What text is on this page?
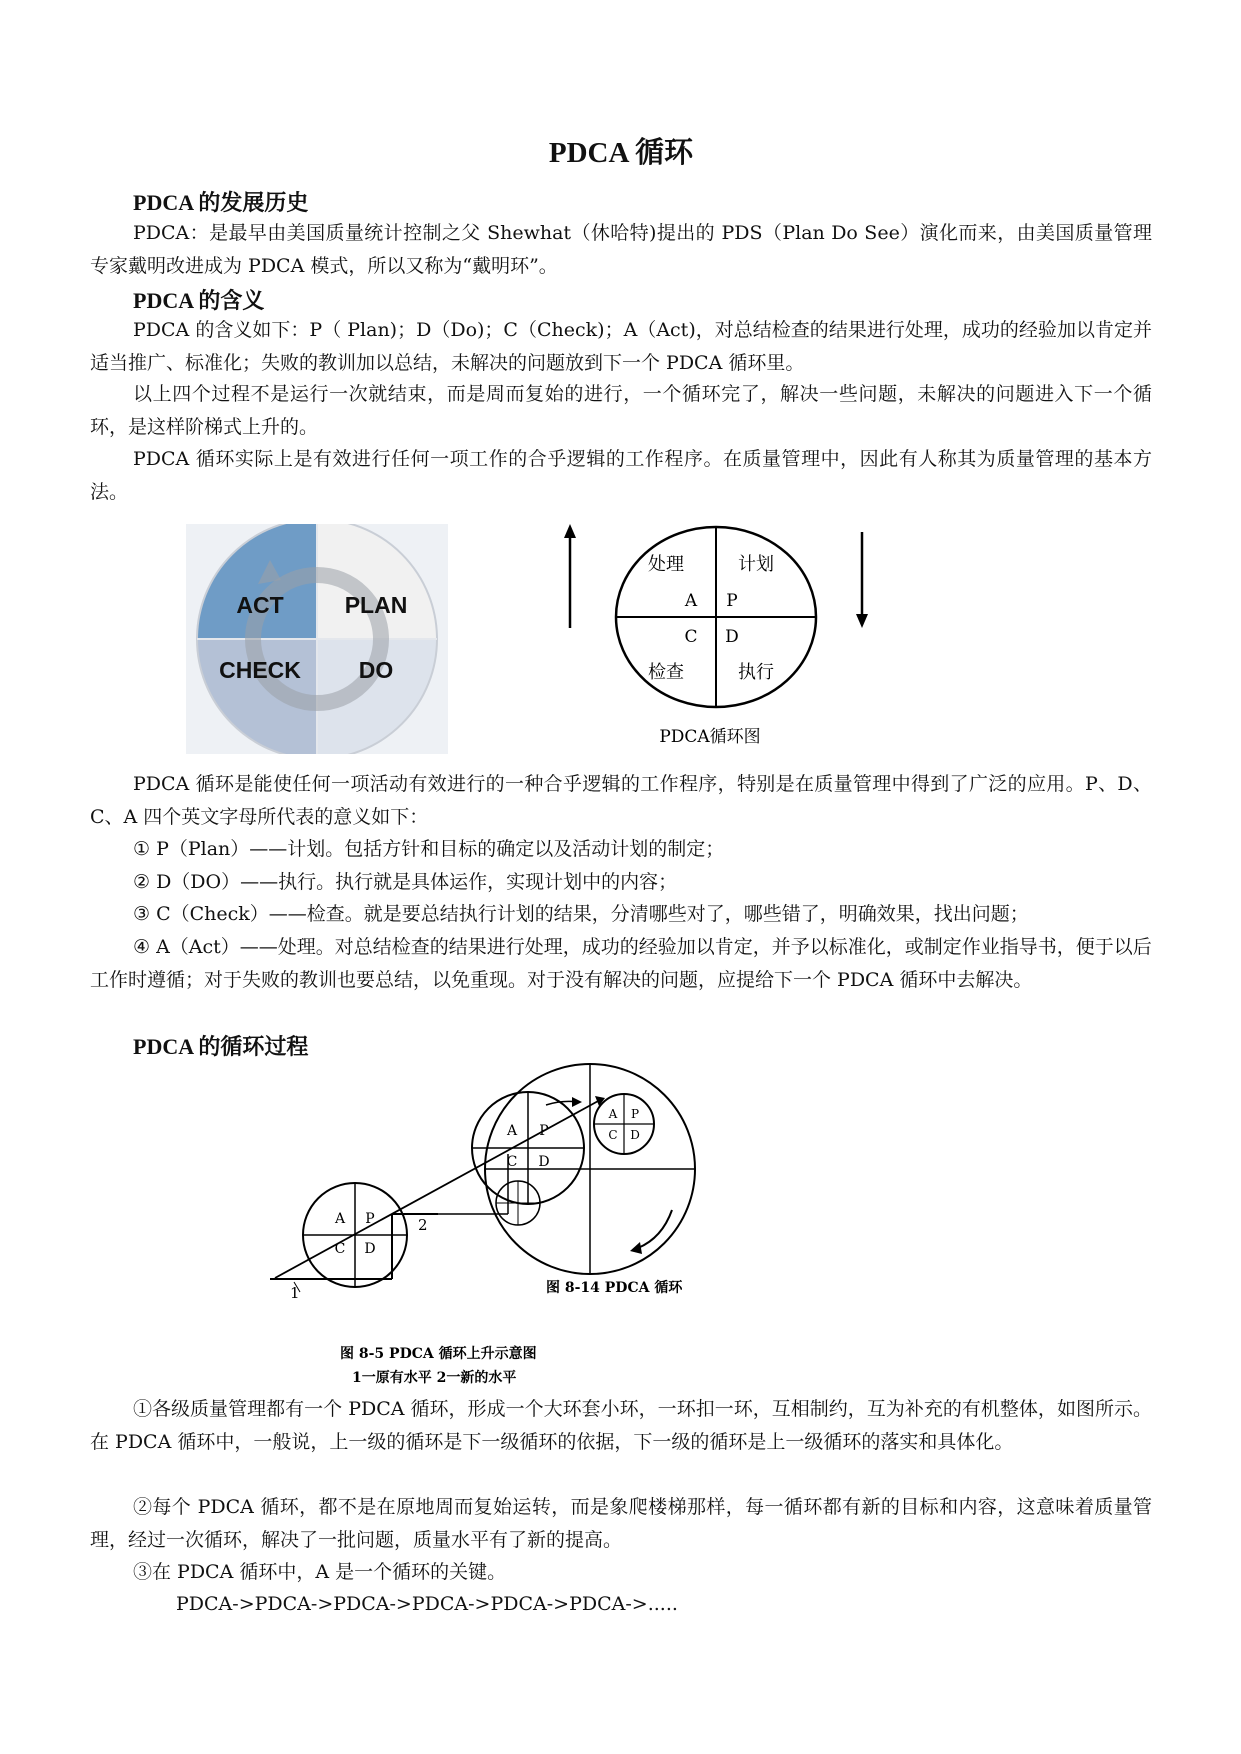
PDCA 循环
PDCA 的发展历史
PDCA：是最早由美国质量统计控制之父 Shewhat（休哈特)提出的 PDS（Plan Do See）演化而来，由美国质量管理专家戴明改进成为 PDCA 模式，所以又称为“戴明环”。
PDCA 的含义
PDCA 的含义如下：P（ Plan)；D（Do)；C（Check)；A（Act)，对总结检查的结果进行处理，成功的经验加以肯定并适当推广、标准化；失败的教训加以总结，未解决的问题放到下一个 PDCA 循环里。
以上四个过程不是运行一次就结束，而是周而复始的进行，一个循环完了，解决一些问题，未解决的问题进入下一个循环，是这样阶梯式上升的。
PDCA 循环实际上是有效进行任何一项工作的合乎逻辑的工作程序。在质量管理中，因此有人称其为质量管理的基本方法。
ACT	PLAN
CHECK	DO
处理	计划
A P
C D
检查	执行
PDCA循环图
PDCA 循环是能使任何一项活动有效进行的一种合乎逻辑的工作程序，特别是在质量管理中得到了广泛的应用。P、D、C、A 四个英文字母所代表的意义如下：
① P（Plan）——计划。包括方针和目标的确定以及活动计划的制定；
② D（DO）——执行。执行就是具体运作，实现计划中的内容；
③ C（Check）——检查。就是要总结执行计划的结果，分清哪些对了，哪些错了，明确效果，找出问题；
④ A（Act）——处理。对总结检查的结果进行处理，成功的经验加以肯定，并予以标准化，或制定作业指导书，便于以后工作时遵循；对于失败的教训也要总结，以免重现。对于没有解决的问题，应提给下一个 PDCA 循环中去解决。
PDCA 的循环过程
A P
C D
A P
C D
A P
C D
1
2
图 8-14 PDCA 循环
图 8-5 PDCA 循环上升示意图
1一原有水平 2一新的水平
①各级质量管理都有一个 PDCA 循环，形成一个大环套小环，一环扣一环，互相制约，互为补充的有机整体，如图所示。在 PDCA 循环中，一般说，上一级的循环是下一级循环的依据，下一级的循环是上一级循环的落实和具体化。
②每个 PDCA 循环，都不是在原地周而复始运转，而是象爬楼梯那样，每一循环都有新的目标和内容，这意味着质量管理，经过一次循环，解决了一批问题，质量水平有了新的提高。
③在 PDCA 循环中，A 是一个循环的关键。
PDCA->PDCA->PDCA->PDCA->PDCA->PDCA->.....
